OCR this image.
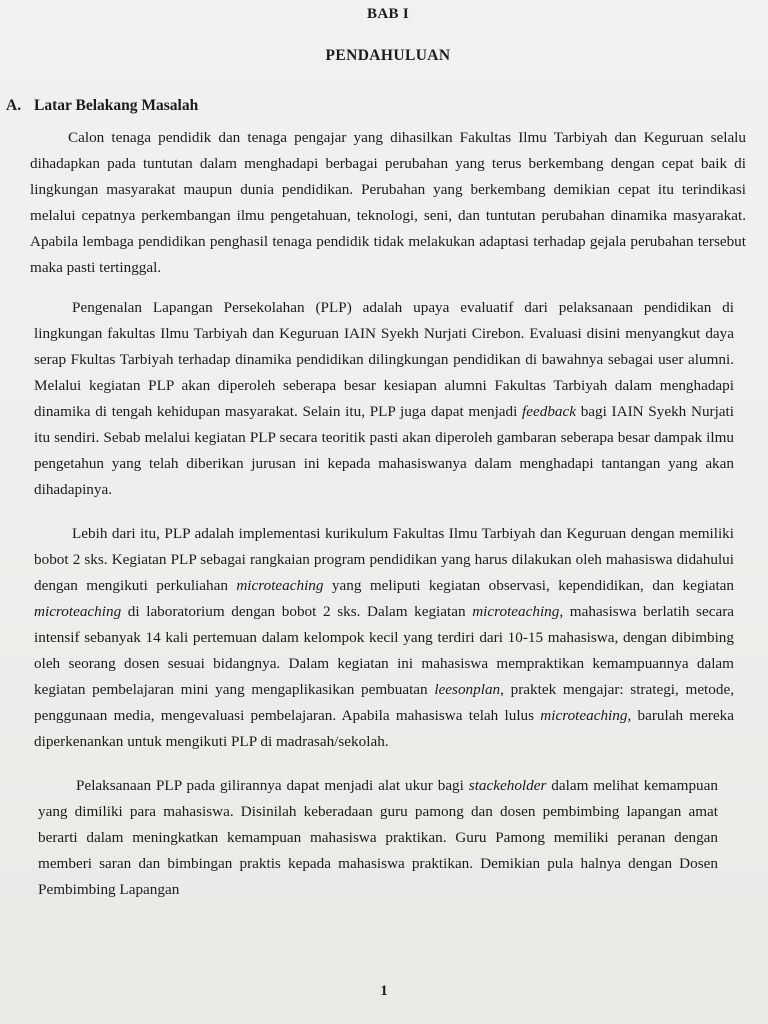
BAB I

PENDAHULUAN

A. Latar Belakang Masalah

Calon tenaga pendidik dan tenaga pengajar yang dihasilkan Fakultas Ilmu Tarbiyah dan Keguruan selalu dihadapkan pada tuntutan dalam menghadapi berbagai perubahan yang terus berkembang dengan cepat baik di lingkungan masyarakat maupun dunia pendidikan. Perubahan yang berkembang demikian cepat itu terindikasi melalui cepatnya perkembangan ilmu pengetahuan, teknologi, seni, dan tuntutan perubahan dinamika masyarakat. Apabila lembaga pendidikan penghasil tenaga pendidik tidak melakukan adaptasi terhadap gejala perubahan tersebut maka pasti tertinggal.

Pengenalan Lapangan Persekolahan (PLP) adalah upaya evaluatif dari pelaksanaan pendidikan di lingkungan fakultas Ilmu Tarbiyah dan Keguruan IAIN Syekh Nurjati Cirebon. Evaluasi disini menyangkut daya serap Fkultas Tarbiyah terhadap dinamika pendidikan dilingkungan pendidikan di bawahnya sebagai user alumni. Melalui kegiatan PLP akan diperoleh seberapa besar kesiapan alumni Fakultas Tarbiyah dalam menghadapi dinamika di tengah kehidupan masyarakat. Selain itu, PLP juga dapat menjadi feedback bagi IAIN Syekh Nurjati itu sendiri. Sebab melalui kegiatan PLP secara teoritik pasti akan diperoleh gambaran seberapa besar dampak ilmu pengetahun yang telah diberikan jurusan ini kepada mahasiswanya dalam menghadapi tantangan yang akan dihadapinya.

Lebih dari itu, PLP adalah implementasi kurikulum Fakultas Ilmu Tarbiyah dan Keguruan dengan memiliki bobot 2 sks. Kegiatan PLP sebagai rangkaian program pendidikan yang harus dilakukan oleh mahasiswa didahului dengan mengikuti perkuliahan microteaching yang meliputi kegiatan observasi, kependidikan, dan kegiatan microteaching di laboratorium dengan bobot 2 sks. Dalam kegiatan microteaching, mahasiswa berlatih secara intensif sebanyak 14 kali pertemuan dalam kelompok kecil yang terdiri dari 10-15 mahasiswa, dengan dibimbing oleh seorang dosen sesuai bidangnya. Dalam kegiatan ini mahasiswa mempraktikan kemampuannya dalam kegiatan pembelajaran mini yang mengaplikasikan pembuatan leesonplan, praktek mengajar: strategi, metode, penggunaan media, mengevaluasi pembelajaran. Apabila mahasiswa telah lulus microteaching, barulah mereka diperkenankan untuk mengikuti PLP di madrasah/sekolah.

Pelaksanaan PLP pada gilirannya dapat menjadi alat ukur bagi stackeholder dalam melihat kemampuan yang dimiliki para mahasiswa. Disinilah keberadaan guru pamong dan dosen pembimbing lapangan amat berarti dalam meningkatkan kemampuan mahasiswa praktikan. Guru Pamong memiliki peranan dengan memberi saran dan bimbingan praktis kepada mahasiswa praktikan. Demikian pula halnya dengan Dosen Pembimbing Lapangan

1
